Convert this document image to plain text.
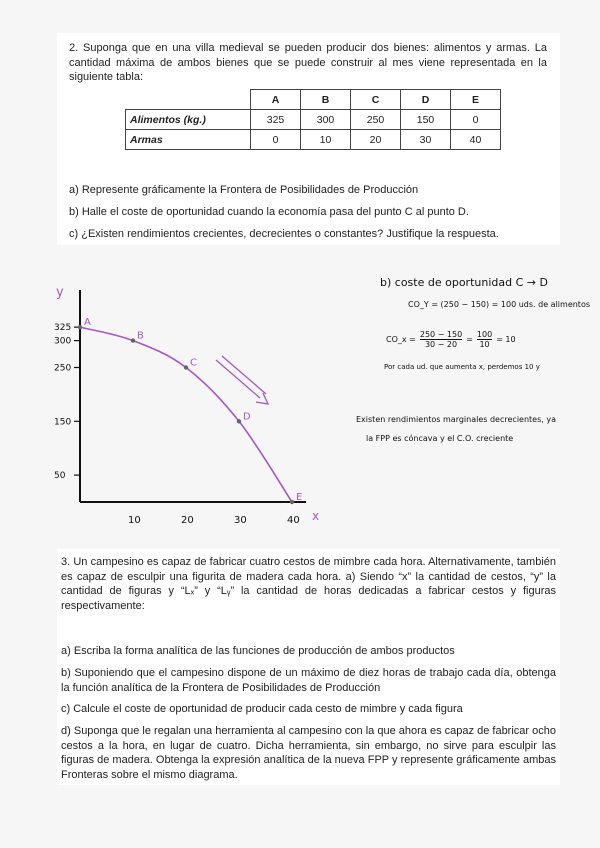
2. Suponga que en una villa medieval se pueden producir dos bienes: alimentos y armas. La cantidad máxima de ambos bienes que se puede construir al mes viene representada en la siguiente tabla:

	A	B	C	D	E
Alimentos (kg.)	325	300	250	150	0
Armas	0	10	20	30	40

a) Represente gráficamente la Frontera de Posibilidades de Producción

b) Halle el coste de oportunidad cuando la economía pasa del punto C al punto D.

c) ¿Existen rendimientos crecientes, decrecientes o constantes? Justifique la respuesta.

y
x
325
300
250
150
50
10	20	30	40
A
B
C
D
E
b) coste de oportunidad C → D
CO_Y = (250 − 150) = 100 uds. de alimentos
CO_x = $\frac{250 - 150}{30 - 20} = \frac{100}{10} = 10$
Por cada ud. que aumenta x, perdemos 10 y
Existen rendimientos marginales decrecientes, ya
la FPP es cóncava y el C.O. creciente

3. Un campesino es capaz de fabricar cuatro cestos de mimbre cada hora. Alternativamente, también es capaz de esculpir una figurita de madera cada hora. a) Siendo “x” la cantidad de cestos, “y” la cantidad de figuras y “Lₓ” y “Lᵧ” la cantidad de horas dedicadas a fabricar cestos y figuras respectivamente:

a) Escriba la forma analítica de las funciones de producción de ambos productos

b) Suponiendo que el campesino dispone de un máximo de diez horas de trabajo cada día, obtenga la función analítica de la Frontera de Posibilidades de Producción

c) Calcule el coste de oportunidad de producir cada cesto de mimbre y cada figura

d) Suponga que le regalan una herramienta al campesino con la que ahora es capaz de fabricar ocho cestos a la hora, en lugar de cuatro. Dicha herramienta, sin embargo, no sirve para esculpir las figuras de madera. Obtenga la expresión analítica de la nueva FPP y represente gráficamente ambas Fronteras sobre el mismo diagrama.
